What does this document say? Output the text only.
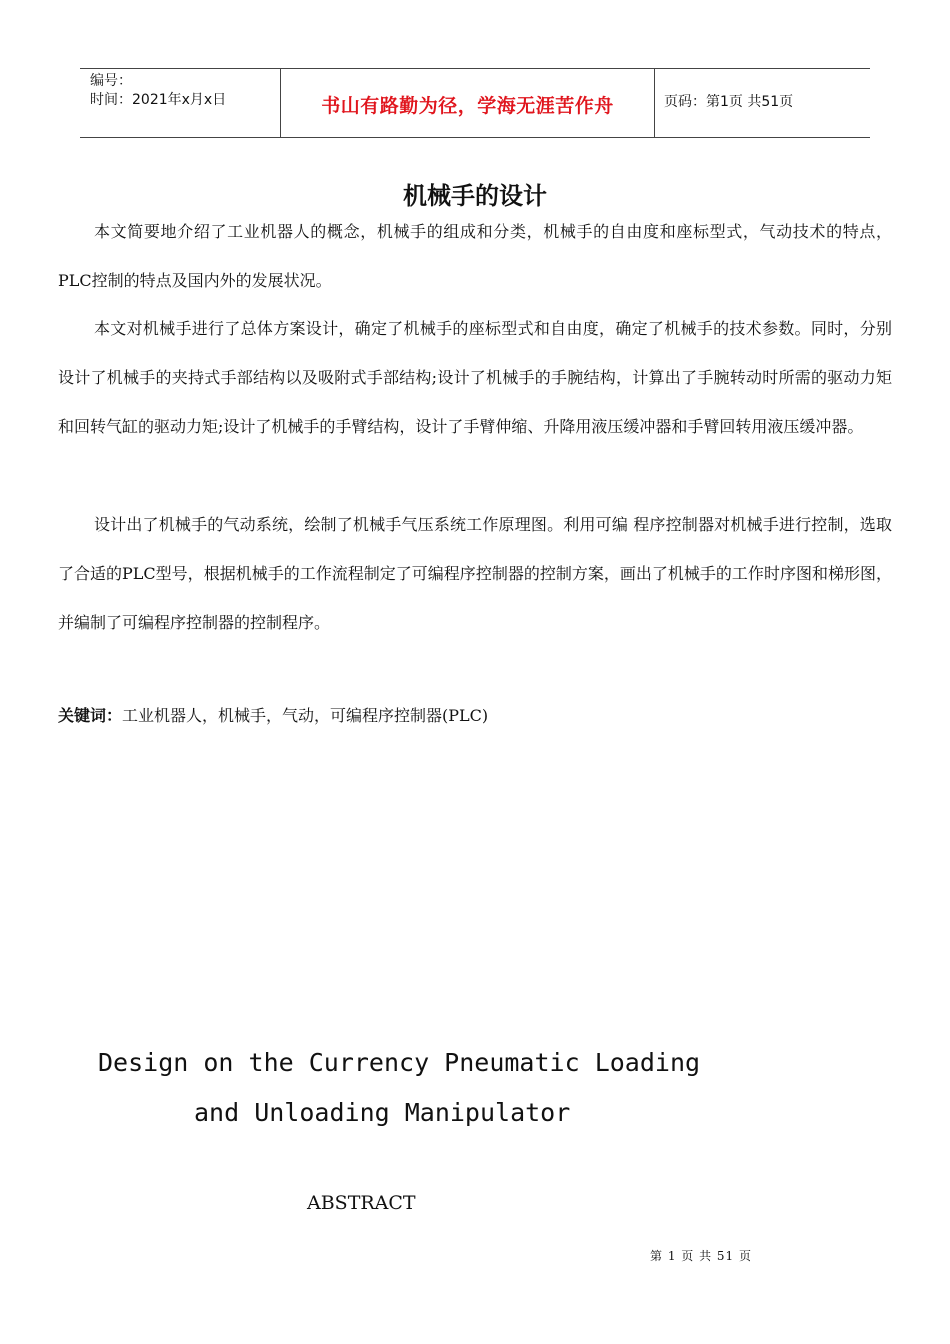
编号：
时间：2021年x月x日	书山有路勤为径，学海无涯苦作舟	页码：第1页 共51页
机械手的设计

本文简要地介绍了工业机器人的概念，机械手的组成和分类，机械手的自由度和座标型式，气动技术的特点，PLC控制的特点及国内外的发展状况。

本文对机械手进行了总体方案设计，确定了机械手的座标型式和自由度，确定了机械手的技术参数。同时，分别设计了机械手的夹持式手部结构以及吸附式手部结构;设计了机械手的手腕结构，计算出了手腕转动时所需的驱动力矩和回转气缸的驱动力矩;设计了机械手的手臂结构，设计了手臂伸缩、升降用液压缓冲器和手臂回转用液压缓冲器。

设计出了机械手的气动系统，绘制了机械手气压系统工作原理图。利用可编 程序控制器对机械手进行控制，选取了合适的PLC型号，根据机械手的工作流程制定了可编程序控制器的控制方案，画出了机械手的工作时序图和梯形图，并编制了可编程序控制器的控制程序。

关键词：工业机器人，机械手，气动，可编程序控制器(PLC)
Design on the Currency Pneumatic Loading
and Unloading Manipulator
ABSTRACT
第 1 页 共 51 页
